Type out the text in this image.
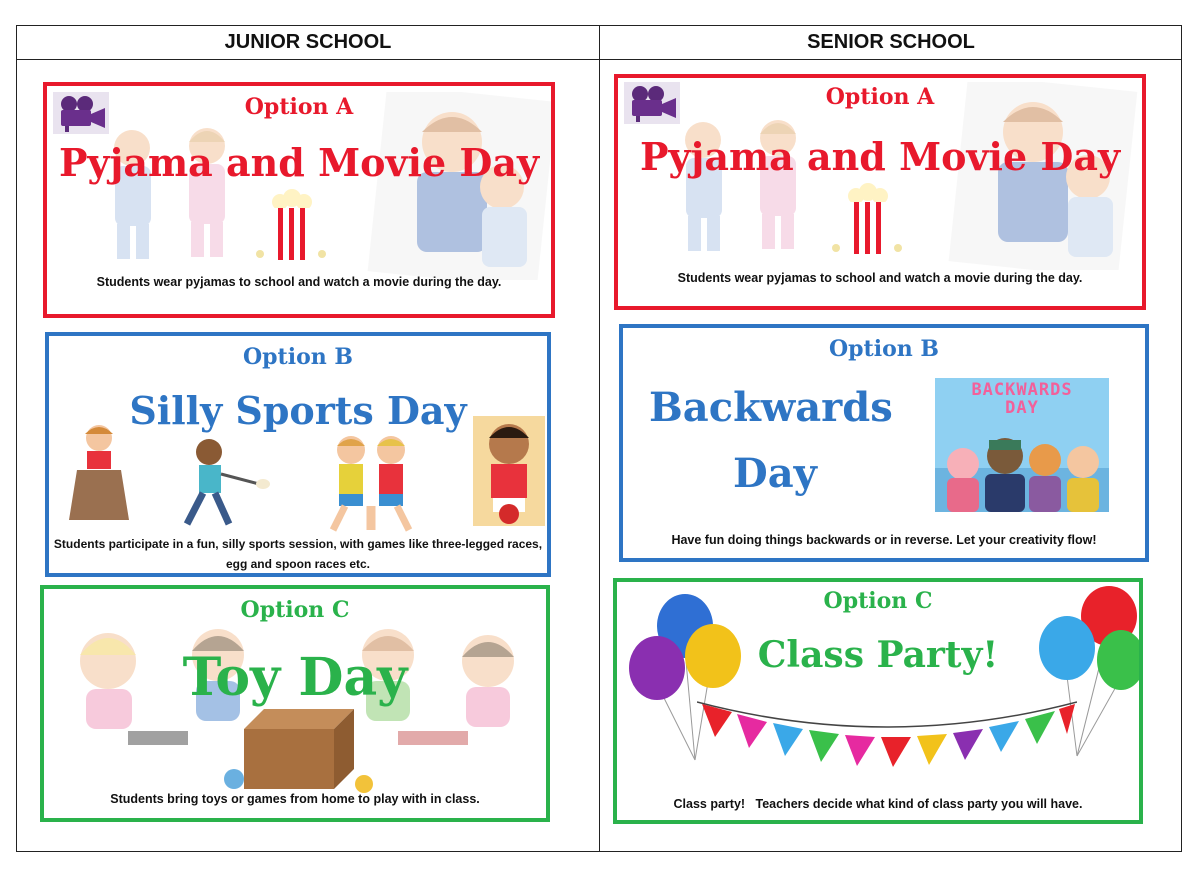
JUNIOR SCHOOL	SENIOR SCHOOL
Option A
Pyjama and Movie Day
Students wear pyjamas to school and watch a movie during the day.
Option B
Silly Sports Day
Students participate in a fun, silly sports session, with games like three-legged races,
egg and spoon races etc.
Option C
Toy Day
Students bring toys or games from home to play with in class.
Option A
Pyjama and Movie Day
Students wear pyjamas to school and watch a movie during the day.
Option B
Backwards
Day
BACKWARDS DAY
Have fun doing things backwards or in reverse. Let your creativity flow!
Option C
Class Party!
Class party!   Teachers decide what kind of class party you will have.
